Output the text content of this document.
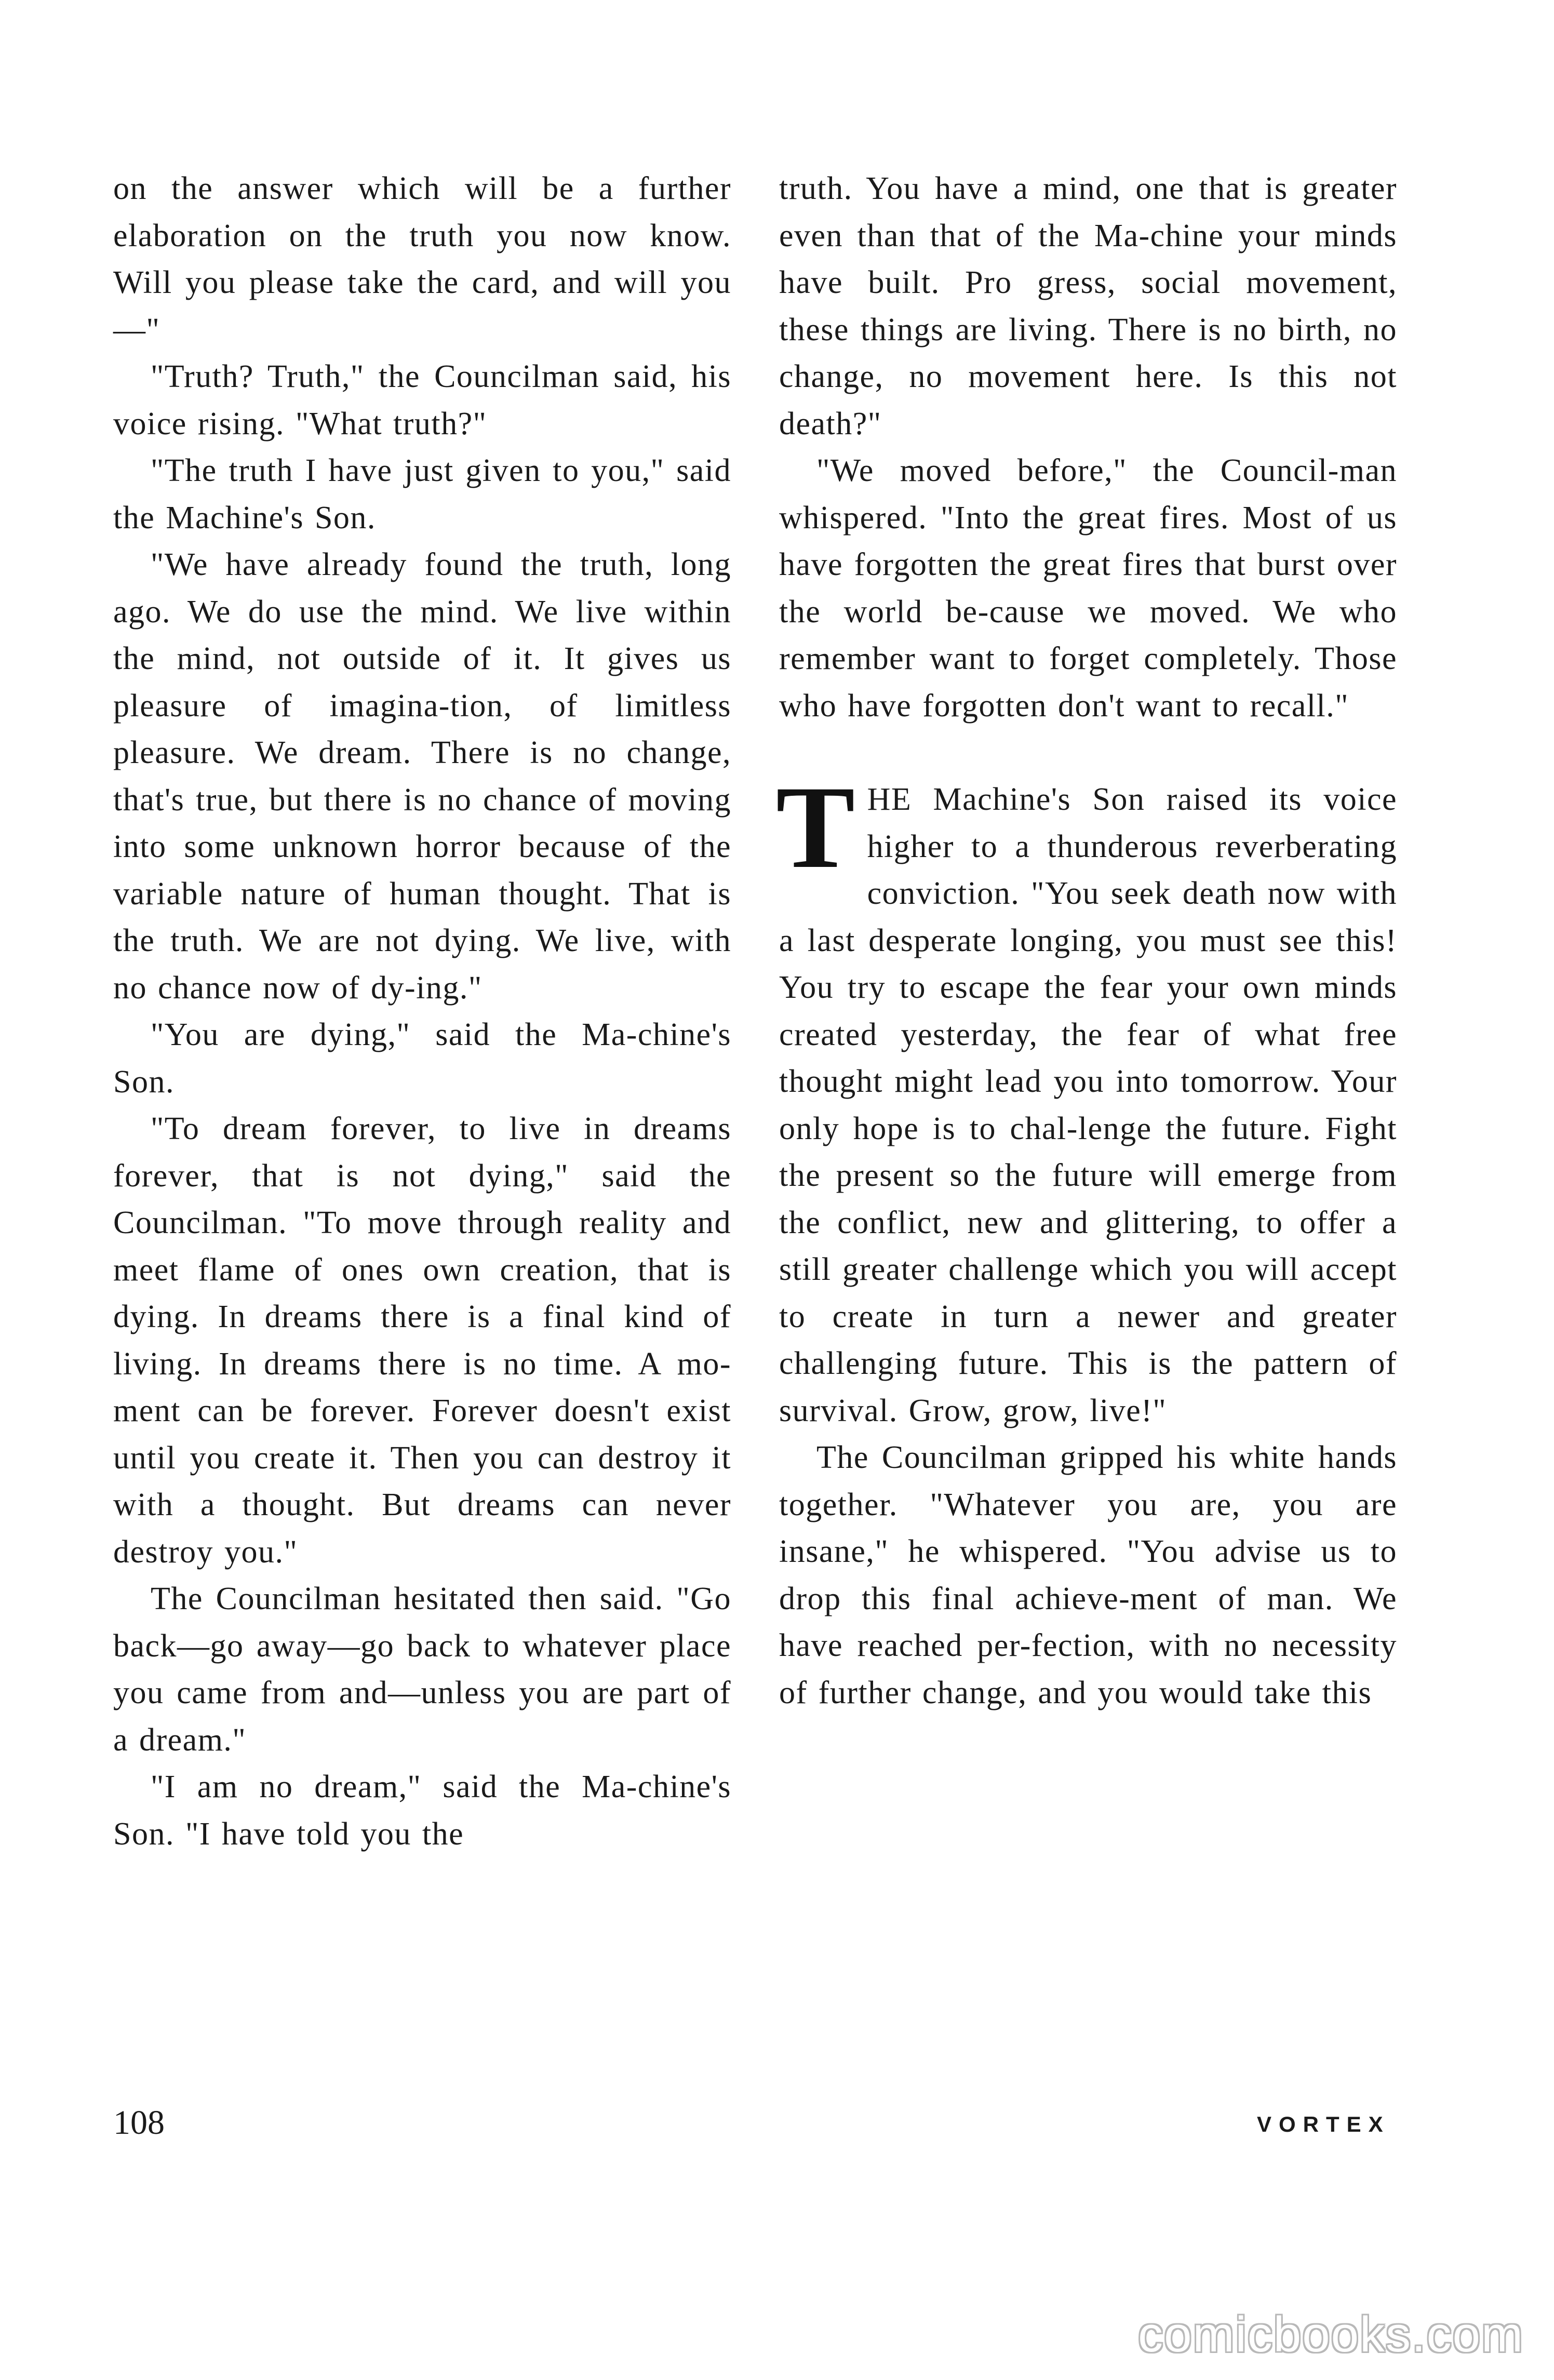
on the answer which will be a further elaboration on the truth you now know. Will you please take the card, and will you—"

"Truth? Truth," the Councilman said, his voice rising. "What truth?"

"The truth I have just given to you," said the Machine's Son.

"We have already found the truth, long ago. We do use the mind. We live within the mind, not outside of it. It gives us pleasure of imagina-tion, of limitless pleasure. We dream. There is no change, that's true, but there is no chance of moving into some unknown horror because of the variable nature of human thought. That is the truth. We are not dying. We live, with no chance now of dy-ing."

"You are dying," said the Ma-chine's Son.

"To dream forever, to live in dreams forever, that is not dying," said the Councilman. "To move through reality and meet flame of ones own creation, that is dying. In dreams there is a final kind of living. In dreams there is no time. A mo-ment can be forever. Forever doesn't exist until you create it. Then you can destroy it with a thought. But dreams can never destroy you."

The Councilman hesitated then said. "Go back—go away—go back to whatever place you came from and—unless you are part of a dream."

"I am no dream," said the Ma-chine's Son. "I have told you the

truth. You have a mind, one that is greater even than that of the Ma-chine your minds have built. Pro gress, social movement, these things are living. There is no birth, no change, no movement here. Is this not death?"

"We moved before," the Council-man whispered. "Into the great fires. Most of us have forgotten the great fires that burst over the world be-cause we moved. We who remember want to forget completely. Those who have forgotten don't want to recall."

THE Machine's Son raised its voice higher to a thunderous reverberating conviction. "You seek death now with a last desperate longing, you must see this! You try to escape the fear your own minds created yesterday, the fear of what free thought might lead you into tomorrow. Your only hope is to chal-lenge the future. Fight the present so the future will emerge from the conflict, new and glittering, to offer a still greater challenge which you will accept to create in turn a newer and greater challenging future. This is the pattern of survival. Grow, grow, live!"

The Councilman gripped his white hands together. "Whatever you are, you are insane," he whispered. "You advise us to drop this final achieve-ment of man. We have reached per-fection, with no necessity of further change, and you would take this

108	VORTEX
comicbooks.com
